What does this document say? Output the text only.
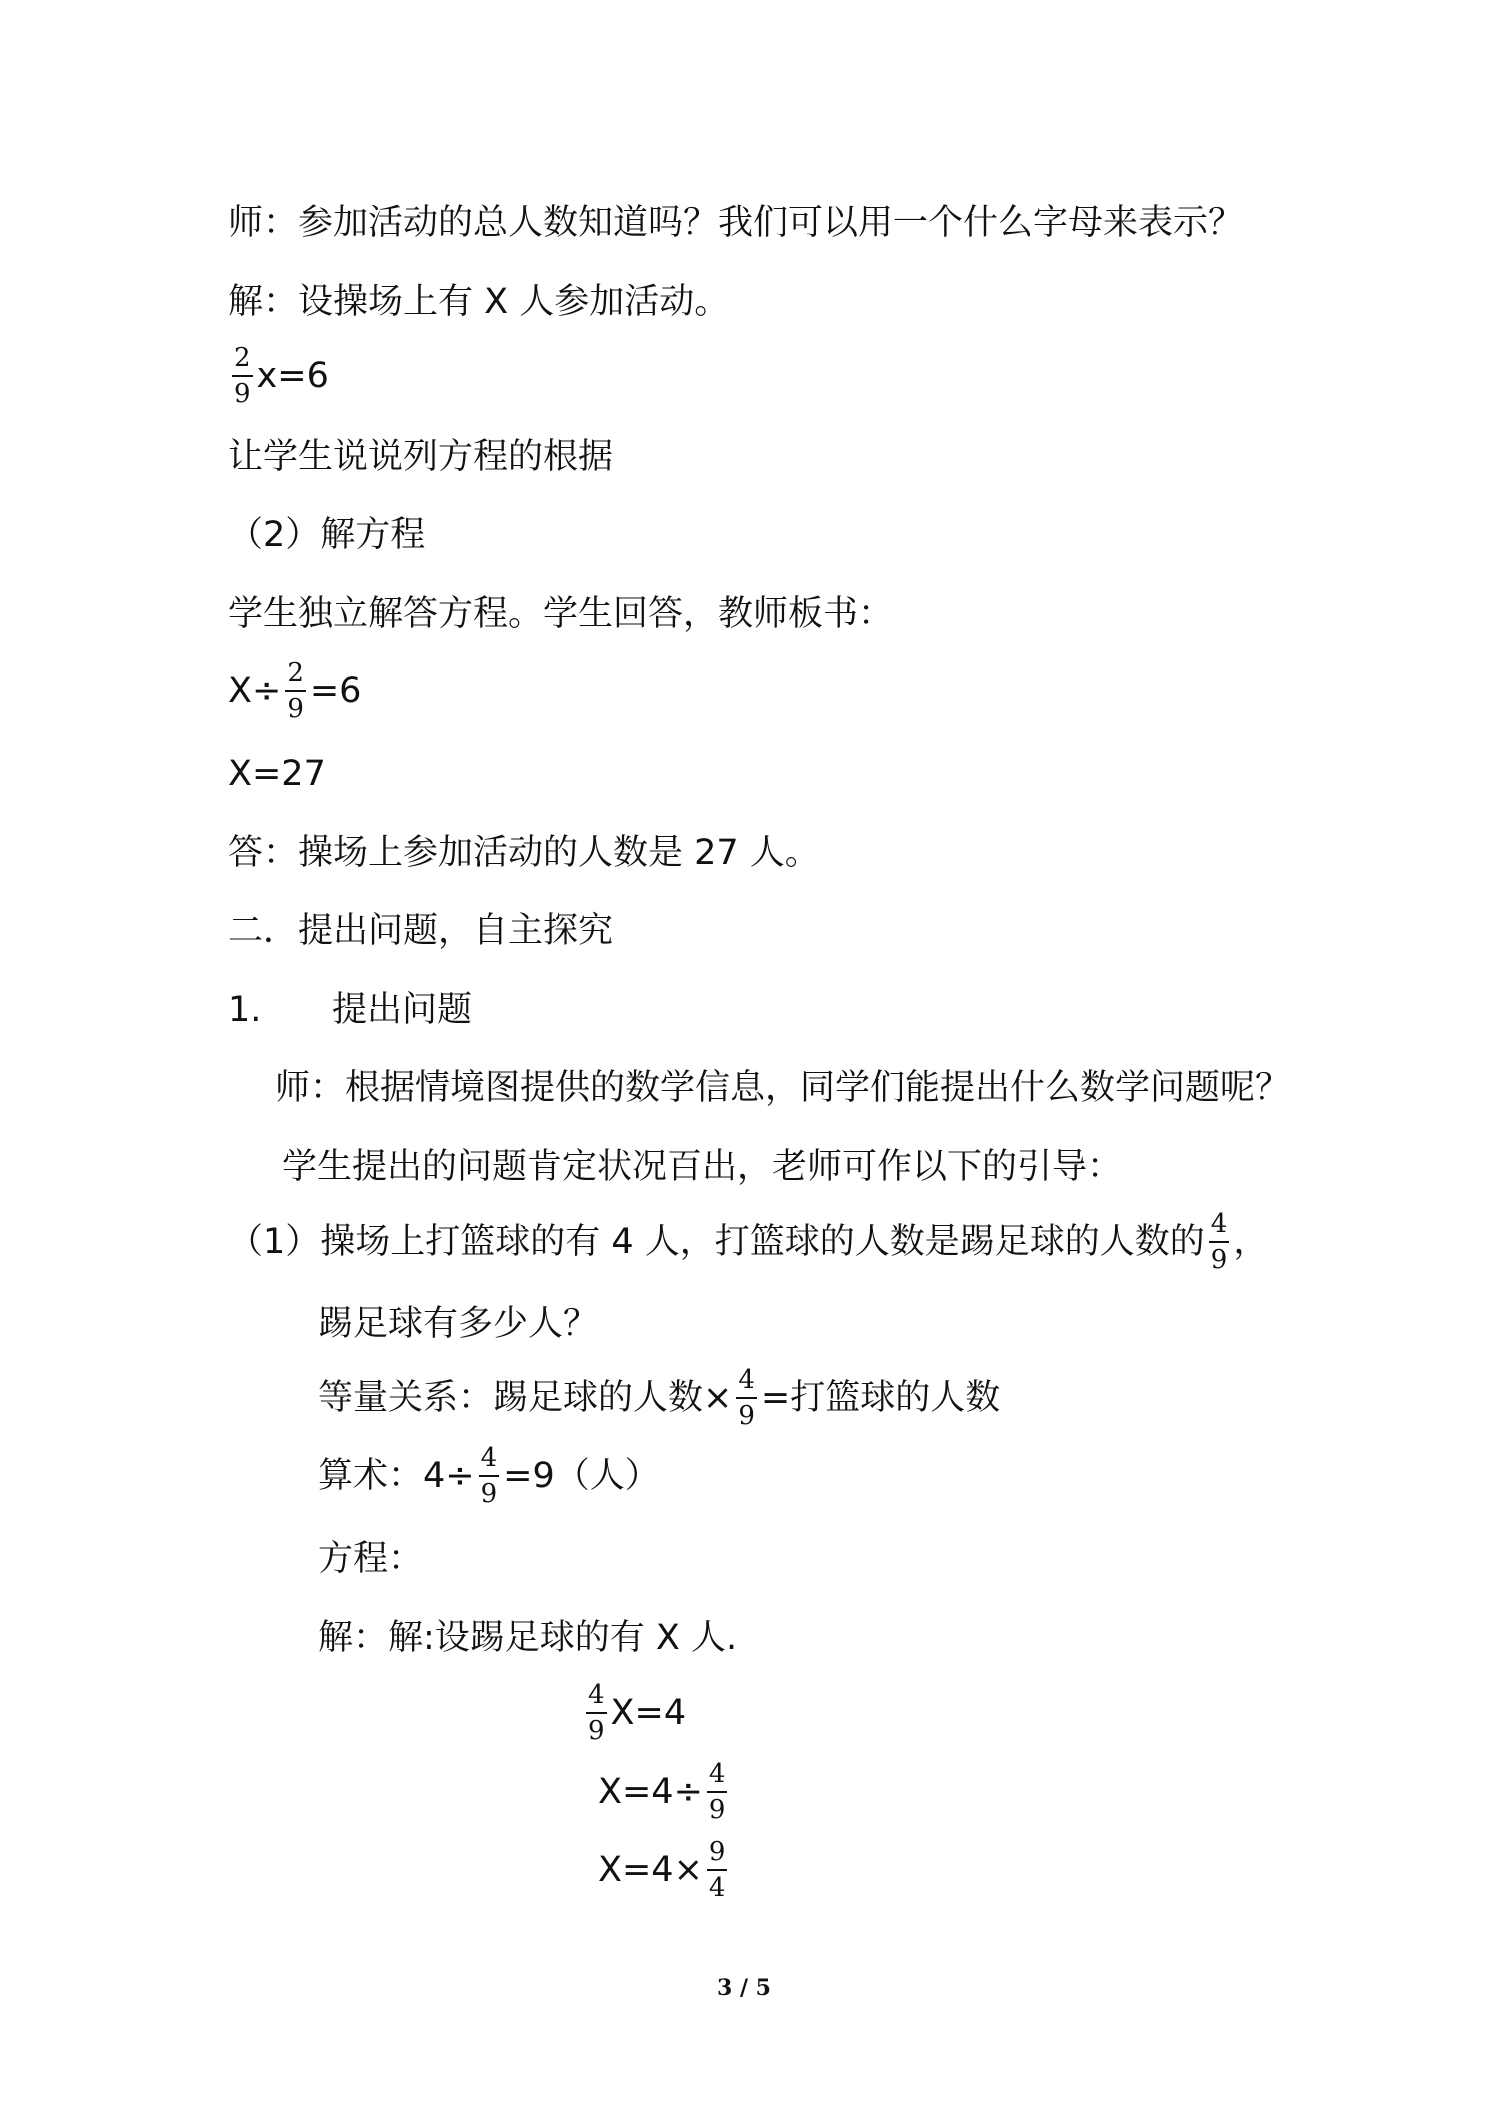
师：参加活动的总人数知道吗？我们可以用一个什么字母来表示？
解：设操场上有 X 人参加活动。
$\frac{2}{9} x=6$
让学生说说列方程的根据
（2）解方程
学生独立解答方程。学生回答，教师板书：
$X\div \frac{2}{9} =6$
X=27
答：操场上参加活动的人数是 27 人。
二．提出问题，自主探究
1.	提出问题
师：根据情境图提供的数学信息，同学们能提出什么数学问题呢？
学生提出的问题肯定状况百出，老师可作以下的引导：
（1）操场上打篮球的有 4 人，打篮球的人数是踢足球的人数的 $\frac{4}{9}$ ，
踢足球有多少人？
等量关系：踢足球的人数× $\frac{4}{9}$ =打篮球的人数
算术：$4\div \frac{4}{9} =9$（人）
方程：
解：解:设踢足球的有 X 人.
$\frac{4}{9} X=4$
$X=4\div \frac{4}{9}$
$X=4\times \frac{9}{4}$
3 / 5
